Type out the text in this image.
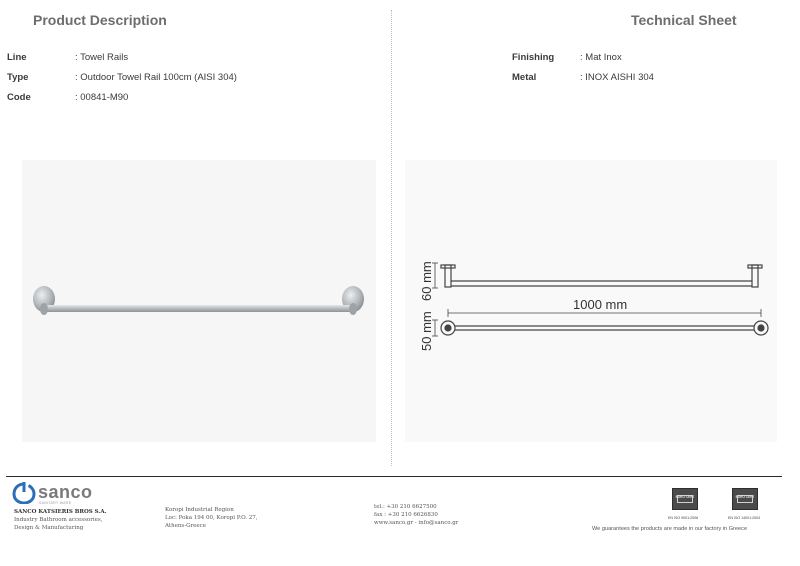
Product Description	Technical Sheet
Line	: Towel Rails
Type	: Outdoor Towel Rail 100cm (AISI 304)
Code	: 00841-M90
Finishing	: Mat Inox
Metal	: INOX AISHI 304
60 mm
1000 mm
50 mm
sanco
SANITARY WARE
SANCO KATSIERIS BROS S.A.
Industry Bathroom accessories,
Design & Manufacturing
Koropi Industrial Region
Loc: Poka 194 00, Koropi P.O. 27,
Athens-Greece
tel.: +30 210 6627500
fax : +30 210 6626830
www.sanco.gr - info@sanco.gr
EURO CERT
EN ISO 9001:2008
EURO CERT
EN ISO 14001:2004
We guarantees the products are made in our factory in Greece
